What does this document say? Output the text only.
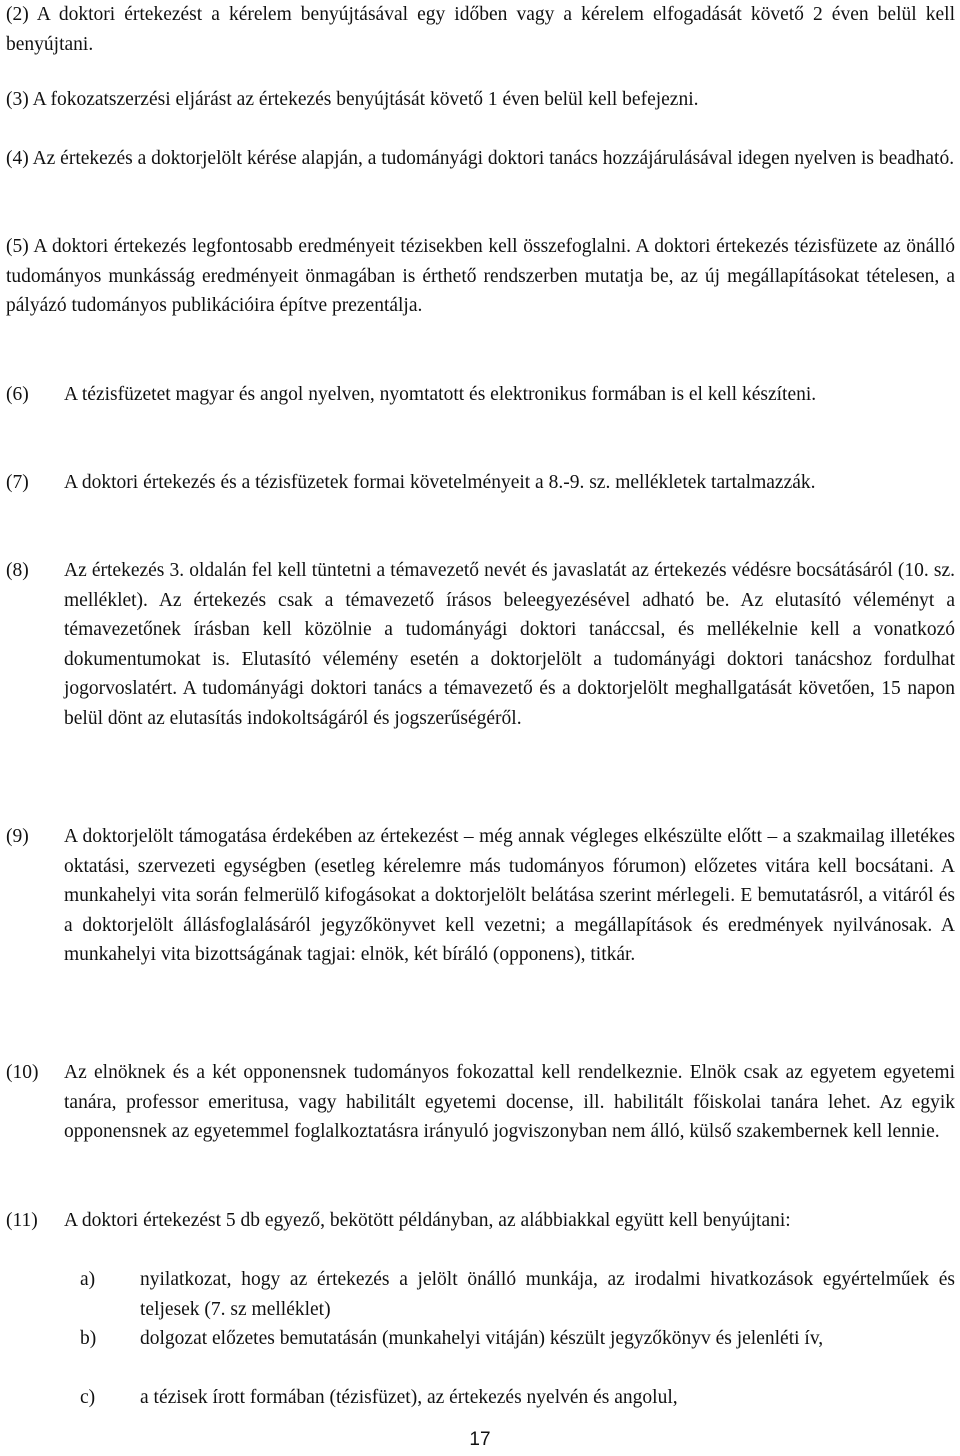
(2) A doktori értekezést a kérelem benyújtásával egy időben vagy a kérelem elfogadását követő 2 éven belül kell benyújtani.
(3) A fokozatszerzési eljárást az értekezés benyújtását követő 1 éven belül kell befejezni.
(4) Az értekezés a doktorjelölt kérése alapján, a tudományági doktori tanács hozzájárulásával idegen nyelven is beadható.
(5) A doktori értekezés legfontosabb eredményeit tézisekben kell összefoglalni. A doktori értekezés tézisfüzete az önálló tudományos munkásság eredményeit önmagában is érthető rendszerben mutatja be, az új megállapításokat tételesen, a pályázó tudományos publikációira építve prezentálja.
(6) A tézisfüzetet magyar és angol nyelven, nyomtatott és elektronikus formában is el kell készíteni.
(7) A doktori értekezés és a tézisfüzetek formai követelményeit a 8.-9. sz. mellékletek tartalmazzák.
(8) Az értekezés 3. oldalán fel kell tüntetni a témavezető nevét és javaslatát az értekezés védésre bocsátásáról (10. sz. melléklet). Az értekezés csak a témavezető írásos beleegyezésével adható be. Az elutasító véleményt a témavezetőnek írásban kell közölnie a tudományági doktori tanáccsal, és mellékelnie kell a vonatkozó dokumentumokat is. Elutasító vélemény esetén a doktorjelölt a tudományági doktori tanácshoz fordulhat jogorvoslatért. A tudományági doktori tanács a témavezető és a doktorjelölt meghallgatását követően, 15 napon belül dönt az elutasítás indokoltságáról és jogszerűségéről.
(9) A doktorjelölt támogatása érdekében az értekezést – még annak végleges elkészülte előtt – a szakmailag illetékes oktatási, szervezeti egységben (esetleg kérelemre más tudományos fórumon) előzetes vitára kell bocsátani. A munkahelyi vita során felmerülő kifogásokat a doktorjelölt belátása szerint mérlegeli. E bemutatásról, a vitáról és a doktorjelölt állásfoglalásáról jegyzőkönyvet kell vezetni; a megállapítások és eredmények nyilvánosak. A munkahelyi vita bizottságának tagjai: elnök, két bíráló (opponens), titkár.
(10) Az elnöknek és a két opponensnek tudományos fokozattal kell rendelkeznie. Elnök csak az egyetem egyetemi tanára, professor emeritusa, vagy habilitált egyetemi docense, ill. habilitált főiskolai tanára lehet. Az egyik opponensnek az egyetemmel foglalkoztatásra irányuló jogviszonyban nem álló, külső szakembernek kell lennie.
(11) A doktori értekezést 5 db egyező, bekötött példányban, az alábbiakkal együtt kell benyújtani:
a) nyilatkozat, hogy az értekezés a jelölt önálló munkája, az irodalmi hivatkozások egyértelműek és teljesek (7. sz melléklet)
b) dolgozat előzetes bemutatásán (munkahelyi vitáján) készült jegyzőkönyv és jelenléti ív,
c) a tézisek írott formában (tézisfüzet), az értekezés nyelvén és angolul,
17
